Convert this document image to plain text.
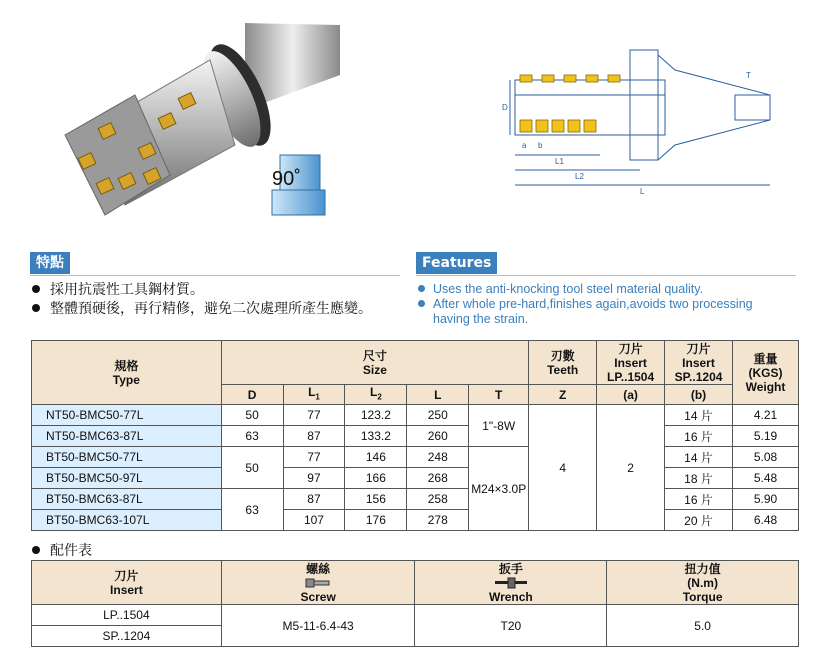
90˚
D
a b
L1
L2
L
T
特點	Features
採用抗震性工具鋼材質。
整體預硬後，再行精修，避免二次處理所產生應變。
Uses the anti-knocking tool steel material quality.
After whole pre-hard,finishes again,avoids two processing
having the strain.
規格
Type	尺寸
Size					刃數
Teeth	刀片
Insert
LP..1504	刀片
Insert
SP..1204	重量
(KGS)
Weight
	D	$L_1$	$L_2$	L	T	Z	(a)	(b)	
NT50-BMC50-77L	50	77	123.2	250	1"-8W	4	2	14 片	4.21
NT50-BMC63-87L	63	87	133.2	260				16 片	5.19
BT50-BMC50-77L	50	77	146	248	M24×3.0P			14 片	5.08
BT50-BMC50-97L		97	166	268				18 片	5.48
BT50-BMC63-87L	63	87	156	258				16 片	5.90
BT50-BMC63-107L		107	176	278				20 片	6.48
配件表
刀片
Insert	螺絲

Screw	扳手

Wrench	扭力值
(N.m)
Torque
LP..1504	M5-11-6.4-43	T20	5.0
SP..1204			
